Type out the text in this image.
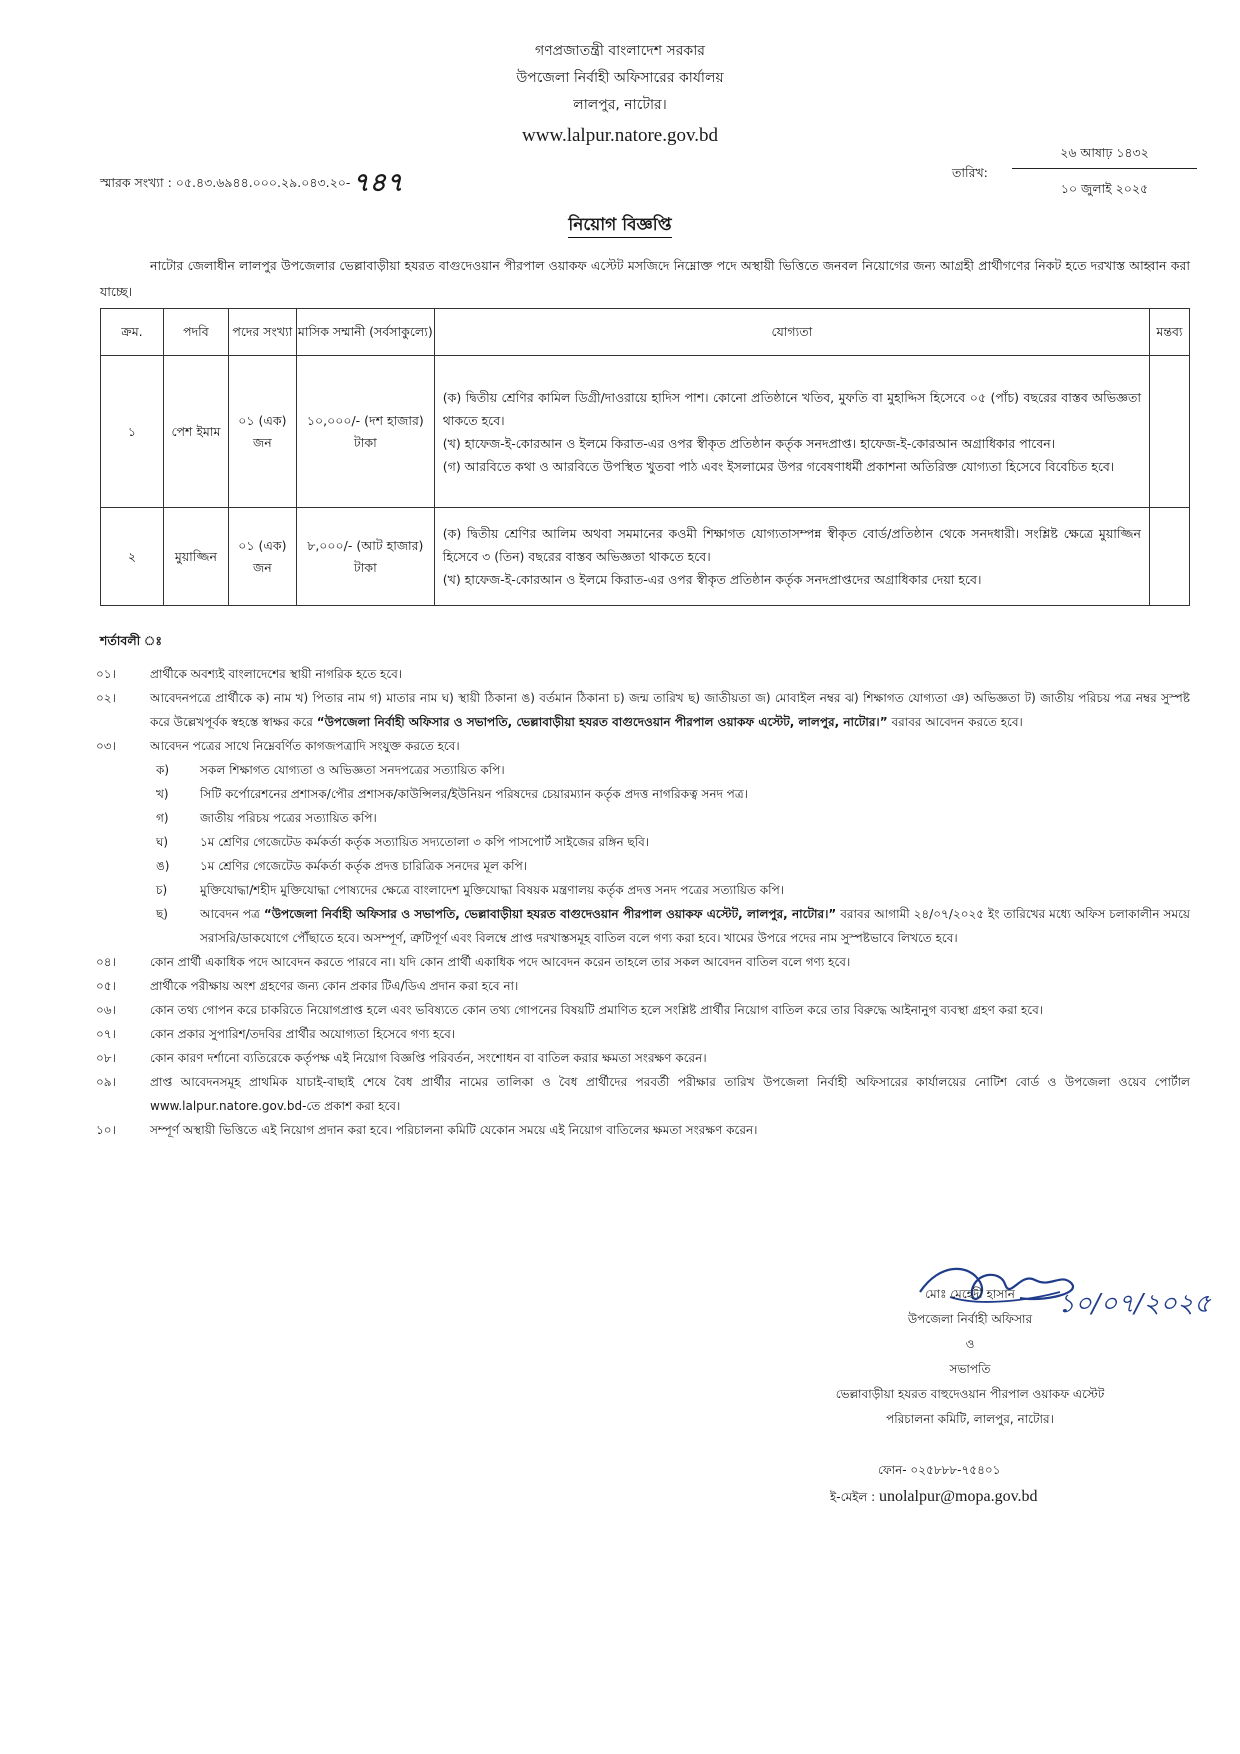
গণপ্রজাতন্ত্রী বাংলাদেশ সরকার
উপজেলা নির্বাহী অফিসারের কার্যালয়
লালপুর, নাটোর।
www.lalpur.natore.gov.bd
স্মারক সংখ্যা : ০৫.৪৩.৬৯৪৪.০০০.২৯.০৪৩.২০-৭৪৭
২৬ আষাঢ় ১৪৩২
তারিখ:
১০ জুলাই ২০২৫
নিয়োগ বিজ্ঞপ্তি
নাটোর জেলাধীন লালপুর উপজেলার ভেল্লাবাড়ীয়া হযরত বাগুদেওয়ান পীরপাল ওয়াকফ এস্টেট মসজিদে নিম্নোক্ত পদে অস্থায়ী ভিত্তিতে জনবল নিয়োগের জন্য আগ্রহী প্রার্থীগণের নিকট হতে দরখাস্ত আহ্বান করা যাচ্ছে।
ক্রম.	পদবি	পদের সংখ্যা	মাসিক সম্মানী (সর্বসাকুল্যে)	যোগ্যতা	মন্তব্য
১	পেশ ইমাম	০১ (এক) জন	১০,০০০/- (দশ হাজার) টাকা	(ক) দ্বিতীয় শ্রেণির কামিল ডিগ্রী/দাওরায়ে হাদিস পাশ। কোনো প্রতিষ্ঠানে খতিব, মুফতি বা মুহাদ্দিস হিসেবে ০৫ (পাঁচ) বছরের বাস্তব অভিজ্ঞতা থাকতে হবে।
(খ) হাফেজ-ই-কোরআন ও ইলমে কিরাত-এর ওপর স্বীকৃত প্রতিষ্ঠান কর্তৃক সনদপ্রাপ্ত। হাফেজ-ই-কোরআন অগ্রাধিকার পাবেন।
(গ) আরবিতে কথা ও আরবিতে উপস্থিত খুতবা পাঠ এবং ইসলামের উপর গবেষণাধর্মী প্রকাশনা অতিরিক্ত যোগ্যতা হিসেবে বিবেচিত হবে।	

২	মুয়াজ্জিন	০১ (এক) জন	৮,০০০/- (আট হাজার) টাকা	(ক) দ্বিতীয় শ্রেণির আলিম অথবা সমমানের কওমী শিক্ষাগত যোগ্যতাসম্পন্ন স্বীকৃত বোর্ড/প্রতিষ্ঠান থেকে সনদধারী। সংশ্লিষ্ট ক্ষেত্রে মুয়াজ্জিন হিসেবে ৩ (তিন) বছরের বাস্তব অভিজ্ঞতা থাকতে হবে।
(খ) হাফেজ-ই-কোরআন ও ইলমে কিরাত-এর ওপর স্বীকৃত প্রতিষ্ঠান কর্তৃক সনদপ্রাপ্তদের অগ্রাধিকার দেয়া হবে।	

শর্তাবলী ঃ
০১।	প্রার্থীকে অবশ্যই বাংলাদেশের স্থায়ী নাগরিক হতে হবে।
০২।	আবেদনপত্রে প্রার্থীকে ক) নাম খ) পিতার নাম গ) মাতার নাম ঘ) স্থায়ী ঠিকানা ঙ) বর্তমান ঠিকানা চ) জন্ম তারিখ ছ) জাতীয়তা জ) মোবাইল নম্বর ঝ) শিক্ষাগত যোগ্যতা ঞ) অভিজ্ঞতা ট) জাতীয় পরিচয় পত্র নম্বর সুস্পষ্ট করে উল্লেখপূর্বক স্বহস্তে স্বাক্ষর করে “উপজেলা নির্বাহী অফিসার ও সভাপতি, ভেল্লাবাড়ীয়া হযরত বাগুদেওয়ান পীরপাল ওয়াকফ এস্টেট, লালপুর, নাটোর।” বরাবর আবেদন করতে হবে।
০৩।	আবেদন পত্রের সাথে নিম্নেবর্ণিত কাগজপত্রাদি সংযুক্ত করতে হবে।
ক)	সকল শিক্ষাগত যোগ্যতা ও অভিজ্ঞতা সনদপত্রের সত্যায়িত কপি।
খ)	সিটি কর্পোরেশনের প্রশাসক/পৌর প্রশাসক/কাউন্সিলর/ইউনিয়ন পরিষদের চেয়ারম্যান কর্তৃক প্রদত্ত নাগরিকত্ব সনদ পত্র।
গ)	জাতীয় পরিচয় পত্রের সত্যায়িত কপি।
ঘ)	১ম শ্রেণির গেজেটেড কর্মকর্তা কর্তৃক সত্যায়িত সদ্যতোলা ৩ কপি পাসপোর্ট সাইজের রঙ্গিন ছবি।
ঙ)	১ম শ্রেণির গেজেটেড কর্মকর্তা কর্তৃক প্রদত্ত চারিত্রিক সনদের মূল কপি।
চ)	মুক্তিযোদ্ধা/শহীদ মুক্তিযোদ্ধা পোষ্যদের ক্ষেত্রে বাংলাদেশ মুক্তিযোদ্ধা বিষয়ক মন্ত্রণালয় কর্তৃক প্রদত্ত সনদ পত্রের সত্যায়িত কপি।
ছ)	আবেদন পত্র “উপজেলা নির্বাহী অফিসার ও সভাপতি, ভেল্লাবাড়ীয়া হযরত বাগুদেওয়ান পীরপাল ওয়াকফ এস্টেট, লালপুর, নাটোর।” বরাবর আগামী ২৪/০৭/২০২৫ ইং তারিখের মধ্যে অফিস চলাকালীন সময়ে সরাসরি/ডাকযোগে পৌঁছাতে হবে। অসম্পূর্ণ, ত্রুটিপূর্ণ এবং বিলম্বে প্রাপ্ত দরখাস্তসমূহ বাতিল বলে গণ্য করা হবে। খামের উপরে পদের নাম সুস্পষ্টভাবে লিখতে হবে।
০৪।	কোন প্রার্থী একাধিক পদে আবেদন করতে পারবে না। যদি কোন প্রার্থী একাধিক পদে আবেদন করেন তাহলে তার সকল আবেদন বাতিল বলে গণ্য হবে।
০৫।	প্রার্থীকে পরীক্ষায় অংশ গ্রহণের জন্য কোন প্রকার টিএ/ডিএ প্রদান করা হবে না।
০৬।	কোন তথ্য গোপন করে চাকরিতে নিয়োগপ্রাপ্ত হলে এবং ভবিষ্যতে কোন তথ্য গোপনের বিষয়টি প্রমাণিত হলে সংশ্লিষ্ট প্রার্থীর নিয়োগ বাতিল করে তার বিরুদ্ধে আইনানুগ ব্যবস্থা গ্রহণ করা হবে।
০৭।	কোন প্রকার সুপারিশ/তদবির প্রার্থীর অযোগ্যতা হিসেবে গণ্য হবে।
০৮।	কোন কারণ দর্শানো ব্যতিরেকে কর্তৃপক্ষ এই নিয়োগ বিজ্ঞপ্তি পরিবর্তন, সংশোধন বা বাতিল করার ক্ষমতা সংরক্ষণ করেন।
০৯।	প্রাপ্ত আবেদনসমূহ প্রাথমিক যাচাই-বাছাই শেষে বৈধ প্রার্থীর নামের তালিকা ও বৈধ প্রার্থীদের পরবর্তী পরীক্ষার তারিখ উপজেলা নির্বাহী অফিসারের কার্যালয়ের নোটিশ বোর্ড ও উপজেলা ওয়েব পোর্টাল www.lalpur.natore.gov.bd-তে প্রকাশ করা হবে।
১০।	সম্পূর্ণ অস্থায়ী ভিত্তিতে এই নিয়োগ প্রদান করা হবে। পরিচালনা কমিটি যেকোন সময়ে এই নিয়োগ বাতিলের ক্ষমতা সংরক্ষণ করেন।
১০/০৭/২০২৫
মোঃ মেহেদী হাসান
উপজেলা নির্বাহী অফিসার
ও
সভাপতি
ভেল্লাবাড়ীয়া হযরত বাহুদেওয়ান পীরপাল ওয়াকফ এস্টেট
পরিচালনা কমিটি, লালপুর, নাটোর।
ফোন- ০২৫৮৮৮-৭৫৪০১
ই-মেইল : unolalpur@mopa.gov.bd
